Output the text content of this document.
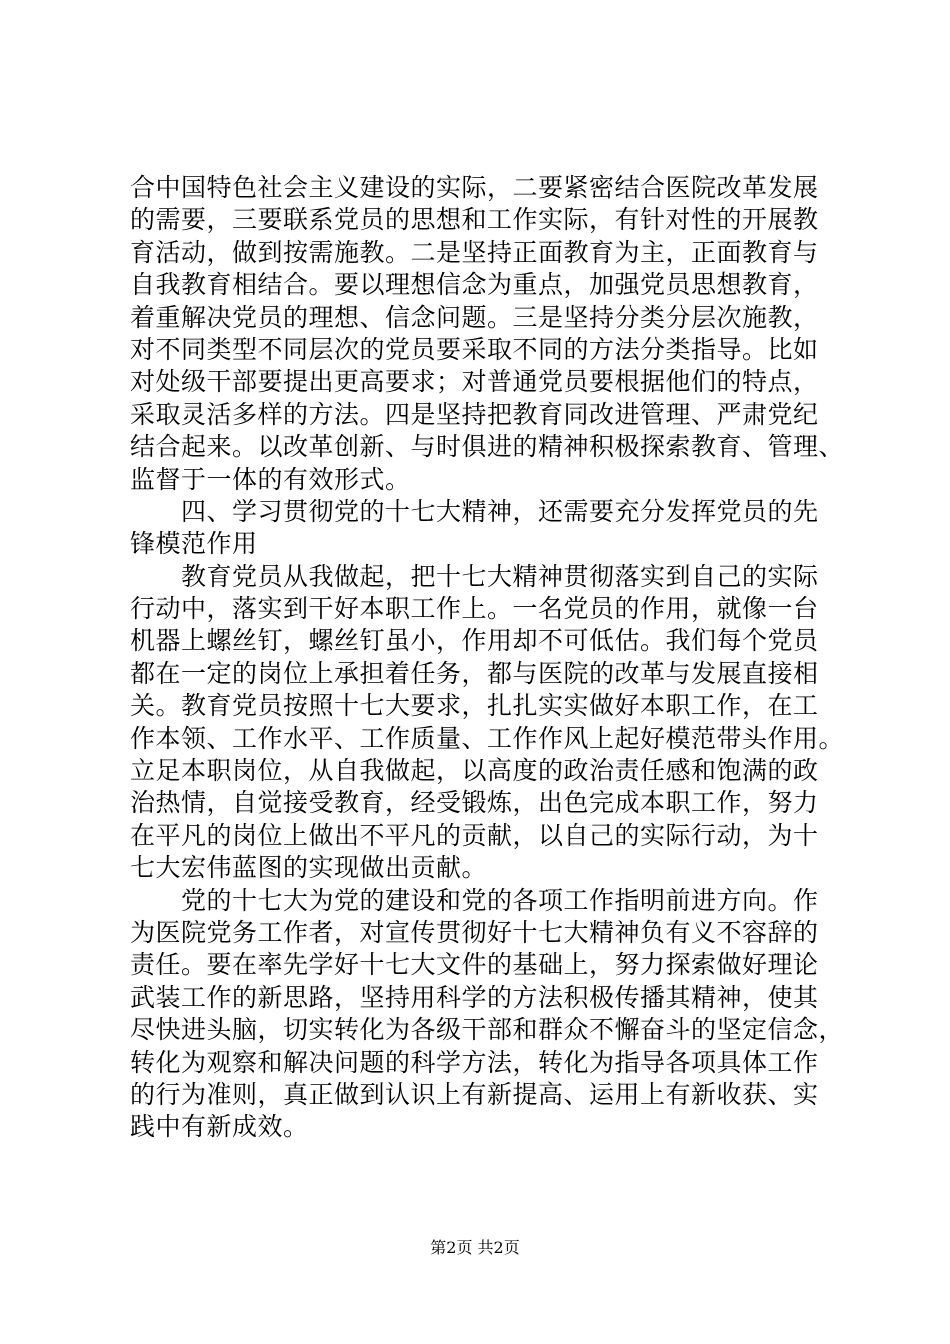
合中国特色社会主义建设的实际，二要紧密结合医院改革发展
的需要，三要联系党员的思想和工作实际，有针对性的开展教
育活动，做到按需施教。二是坚持正面教育为主，正面教育与
自我教育相结合。要以理想信念为重点，加强党员思想教育，
着重解决党员的理想、信念问题。三是坚持分类分层次施教，
对不同类型不同层次的党员要采取不同的方法分类指导。比如
对处级干部要提出更高要求；对普通党员要根据他们的特点，
采取灵活多样的方法。四是坚持把教育同改进管理、严肃党纪
结合起来。以改革创新、与时俱进的精神积极探索教育、管理、
监督于一体的有效形式。
　　四、学习贯彻党的十七大精神，还需要充分发挥党员的先
锋模范作用
　　教育党员从我做起，把十七大精神贯彻落实到自己的实际
行动中，落实到干好本职工作上。一名党员的作用，就像一台
机器上螺丝钉，螺丝钉虽小，作用却不可低估。我们每个党员
都在一定的岗位上承担着任务，都与医院的改革与发展直接相
关。教育党员按照十七大要求，扎扎实实做好本职工作，在工
作本领、工作水平、工作质量、工作作风上起好模范带头作用。
立足本职岗位，从自我做起，以高度的政治责任感和饱满的政
治热情，自觉接受教育，经受锻炼，出色完成本职工作，努力
在平凡的岗位上做出不平凡的贡献，以自己的实际行动，为十
七大宏伟蓝图的实现做出贡献。
　　党的十七大为党的建设和党的各项工作指明前进方向。作
为医院党务工作者，对宣传贯彻好十七大精神负有义不容辞的
责任。要在率先学好十七大文件的基础上，努力探索做好理论
武装工作的新思路，坚持用科学的方法积极传播其精神，使其
尽快进头脑，切实转化为各级干部和群众不懈奋斗的坚定信念，
转化为观察和解决问题的科学方法，转化为指导各项具体工作
的行为准则，真正做到认识上有新提高、运用上有新收获、实
践中有新成效。
第2页 共2页
